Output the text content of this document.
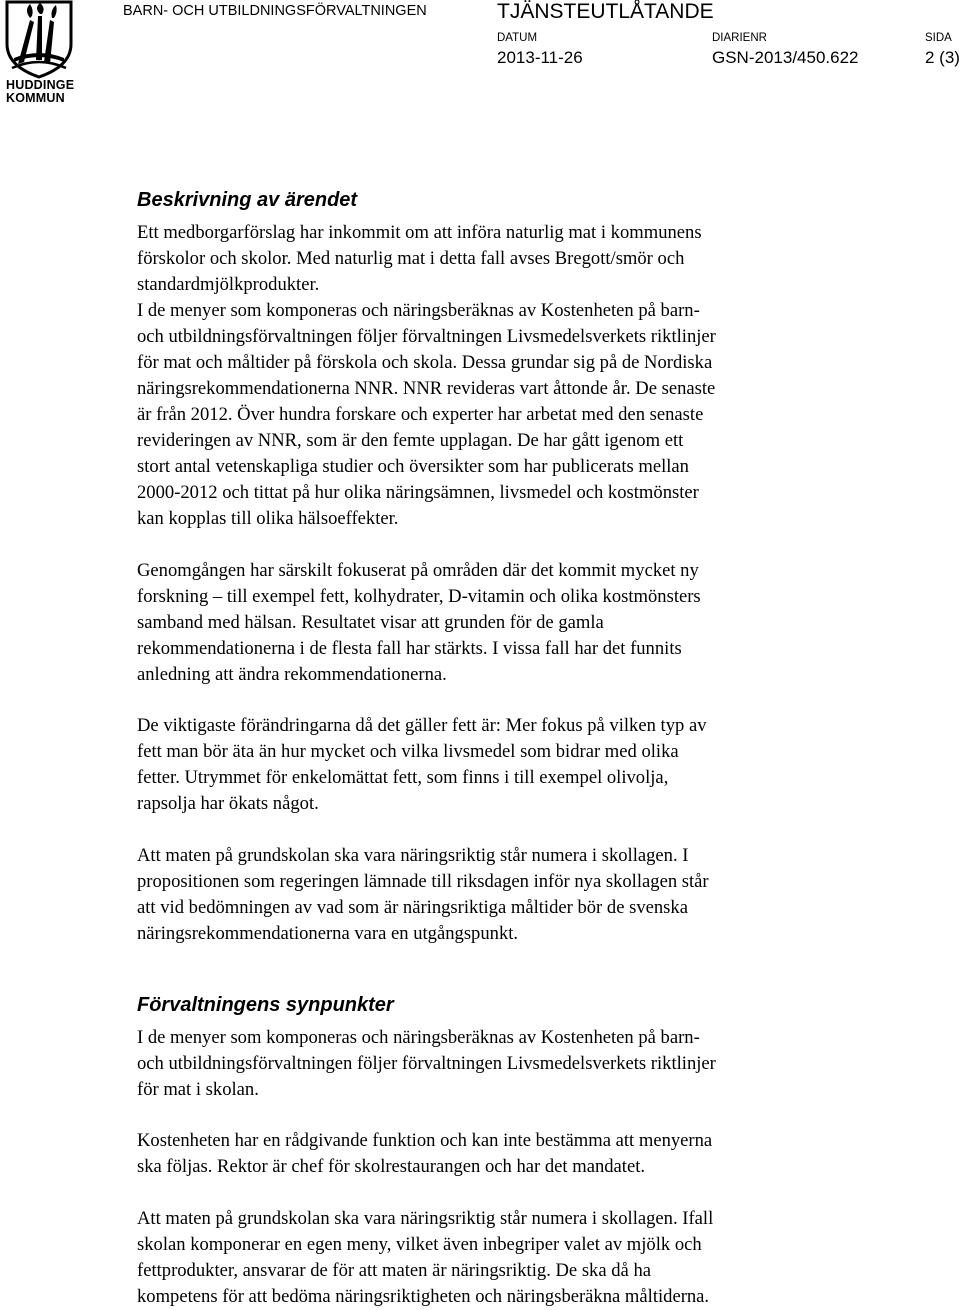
HUDDINGE
KOMMUN
BARN- OCH UTBILDNINGSFÖRVALTNINGEN	TJÄNSTEUTLÅTANDE
DATUM
2013-11-26
DIARIENR
GSN-2013/450.622
SIDA
2 (3)
Beskrivning av ärendet
Ett medborgarförslag har inkommit om att införa naturlig mat i kommunens
förskolor och skolor. Med naturlig mat i detta fall avses Bregott/smör och
standardmjölkprodukter.
I de menyer som komponeras och näringsberäknas av Kostenheten på barn-
och utbildningsförvaltningen följer förvaltningen Livsmedelsverkets riktlinjer
för mat och måltider på förskola och skola. Dessa grundar sig på de Nordiska
näringsrekommendationerna NNR. NNR revideras vart åttonde år. De senaste
är från 2012. Över hundra forskare och experter har arbetat med den senaste
revideringen av NNR, som är den femte upplagan. De har gått igenom ett
stort antal vetenskapliga studier och översikter som har publicerats mellan
2000-2012 och tittat på hur olika näringsämnen, livsmedel och kostmönster
kan kopplas till olika hälsoeffekter.
Genomgången har särskilt fokuserat på områden där det kommit mycket ny
forskning – till exempel fett, kolhydrater, D-vitamin och olika kostmönsters
samband med hälsan. Resultatet visar att grunden för de gamla
rekommendationerna i de flesta fall har stärkts. I vissa fall har det funnits
anledning att ändra rekommendationerna.
De viktigaste förändringarna då det gäller fett är: Mer fokus på vilken typ av
fett man bör äta än hur mycket och vilka livsmedel som bidrar med olika
fetter. Utrymmet för enkelomättat fett, som finns i till exempel olivolja,
rapsolja har ökats något.
Att maten på grundskolan ska vara näringsriktig står numera i skollagen. I
propositionen som regeringen lämnade till riksdagen inför nya skollagen står
att vid bedömningen av vad som är näringsriktiga måltider bör de svenska
näringsrekommendationerna vara en utgångspunkt.
Förvaltningens synpunkter
I de menyer som komponeras och näringsberäknas av Kostenheten på barn-
och utbildningsförvaltningen följer förvaltningen Livsmedelsverkets riktlinjer
för mat i skolan.
Kostenheten har en rådgivande funktion och kan inte bestämma att menyerna
ska följas. Rektor är chef för skolrestaurangen och har det mandatet.
Att maten på grundskolan ska vara näringsriktig står numera i skollagen. Ifall
skolan komponerar en egen meny, vilket även inbegriper valet av mjölk och
fettprodukter, ansvarar de för att maten är näringsriktig. De ska då ha
kompetens för att bedöma näringsriktigheten och näringsberäkna måltiderna.
